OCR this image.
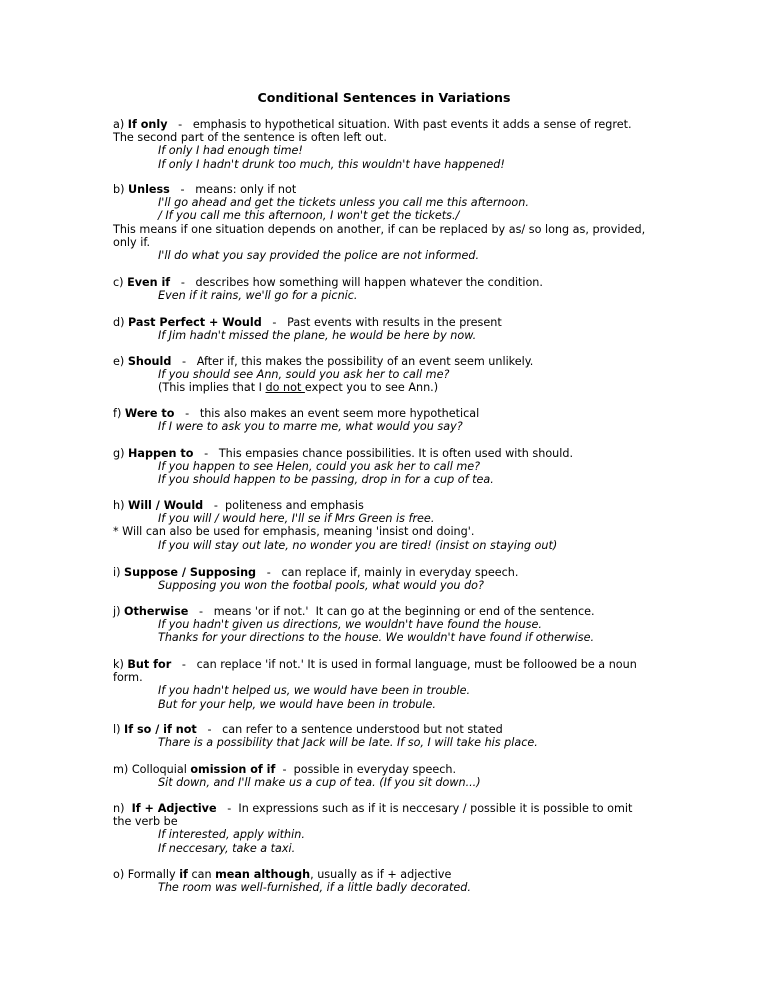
Conditional Sentences in Variations
a) If only   -   emphasis to hypothetical situation. With past events it adds a sense of regret.
The second part of the sentence is often left out.
If only I had enough time!
If only I hadn't drunk too much, this wouldn't have happened!
b) Unless   -   means: only if not
I'll go ahead and get the tickets unless you call me this afternoon.
/ If you call me this afternoon, I won't get the tickets./
This means if one situation depends on another, if can be replaced by as/ so long as, provided, only if.
I'll do what you say provided the police are not informed.
c) Even if   -   describes how something will happen whatever the condition.
Even if it rains, we'll go for a picnic.
d) Past Perfect + Would   -   Past events with results in the present
If Jim hadn't missed the plane, he would be here by now.
e) Should   -   After if, this makes the possibility of an event seem unlikely.
If you should see Ann, sould you ask her to call me?
(This implies that I do not expect you to see Ann.)
f) Were to   -   this also makes an event seem more hypothetical
If I were to ask you to marre me, what would you say?
g) Happen to   -   This empasies chance possibilities. It is often used with should.
If you happen to see Helen, could you ask her to call me?
If you should happen to be passing, drop in for a cup of tea.
h) Will / Would   -  politeness and emphasis
If you will / would here, I'll se if Mrs Green is free.
* Will can also be used for emphasis, meaning 'insist ond doing'.
If you will stay out late, no wonder you are tired! (insist on staying out)
i) Suppose / Supposing   -   can replace if, mainly in everyday speech.
Supposing you won the footbal pools, what would you do?
j) Otherwise   -   means 'or if not.'  It can go at the beginning or end of the sentence.
If you hadn't given us directions, we wouldn't have found the house.
Thanks for your directions to the house. We wouldn't have found if otherwise.
k) But for   -   can replace 'if not.' It is used in formal language, must be folloowed be a noun
form.
If you hadn't helped us, we would have been in trouble.
But for your help, we would have been in trobule.
l) If so / if not   -   can refer to a sentence understood but not stated
Thare is a possibility that Jack will be late. If so, I will take his place.
m) Colloquial omission of if  -  possible in everyday speech.
Sit down, and I'll make us a cup of tea. (If you sit down...)
n)  If + Adjective   -  In expressions such as if it is neccesary / possible it is possible to omit
the verb be
If interested, apply within.
If neccesary, take a taxi.
o) Formally if can mean although, usually as if + adjective
The room was well-furnished, if a little badly decorated.
